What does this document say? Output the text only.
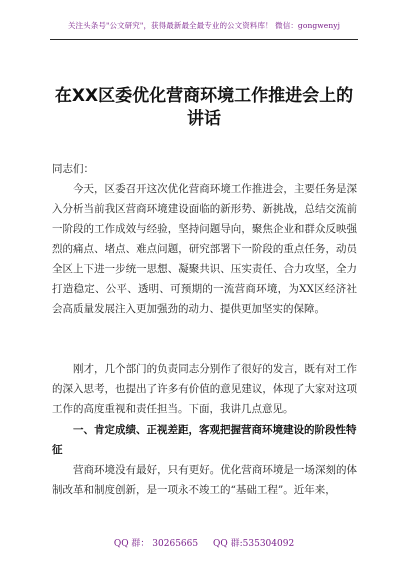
关注头条号"公文研究"，获得最新最全最专业的公文资料库！ 微信：gongwenyj
在XX区委优化营商环境工作推进会上的
讲话
同志们：

今天，区委召开这次优化营商环境工作推进会，主要任务是深入分析当前我区营商环境建设面临的新形势、新挑战，总结交流前一阶段的工作成效与经验，坚持问题导向，聚焦企业和群众反映强烈的痛点、堵点、难点问题，研究部署下一阶段的重点任务，动员全区上下进一步统一思想、凝聚共识、压实责任、合力攻坚，全力打造稳定、公平、透明、可预期的一流营商环境，为XX区经济社会高质量发展注入更加强劲的动力、提供更加坚实的保障。

刚才，几个部门的负责同志分别作了很好的发言，既有对工作的深入思考，也提出了许多有价值的意见建议，体现了大家对这项工作的高度重视和责任担当。下面，我讲几点意见。

一、肯定成绩、正视差距，客观把握营商环境建设的阶段性特征

营商环境没有最好，只有更好。优化营商环境是一场深刻的体制改革和制度创新，是一项永不竣工的“基础工程”。近年来，

QQ 群： 30265665 QQ 群:535304092
